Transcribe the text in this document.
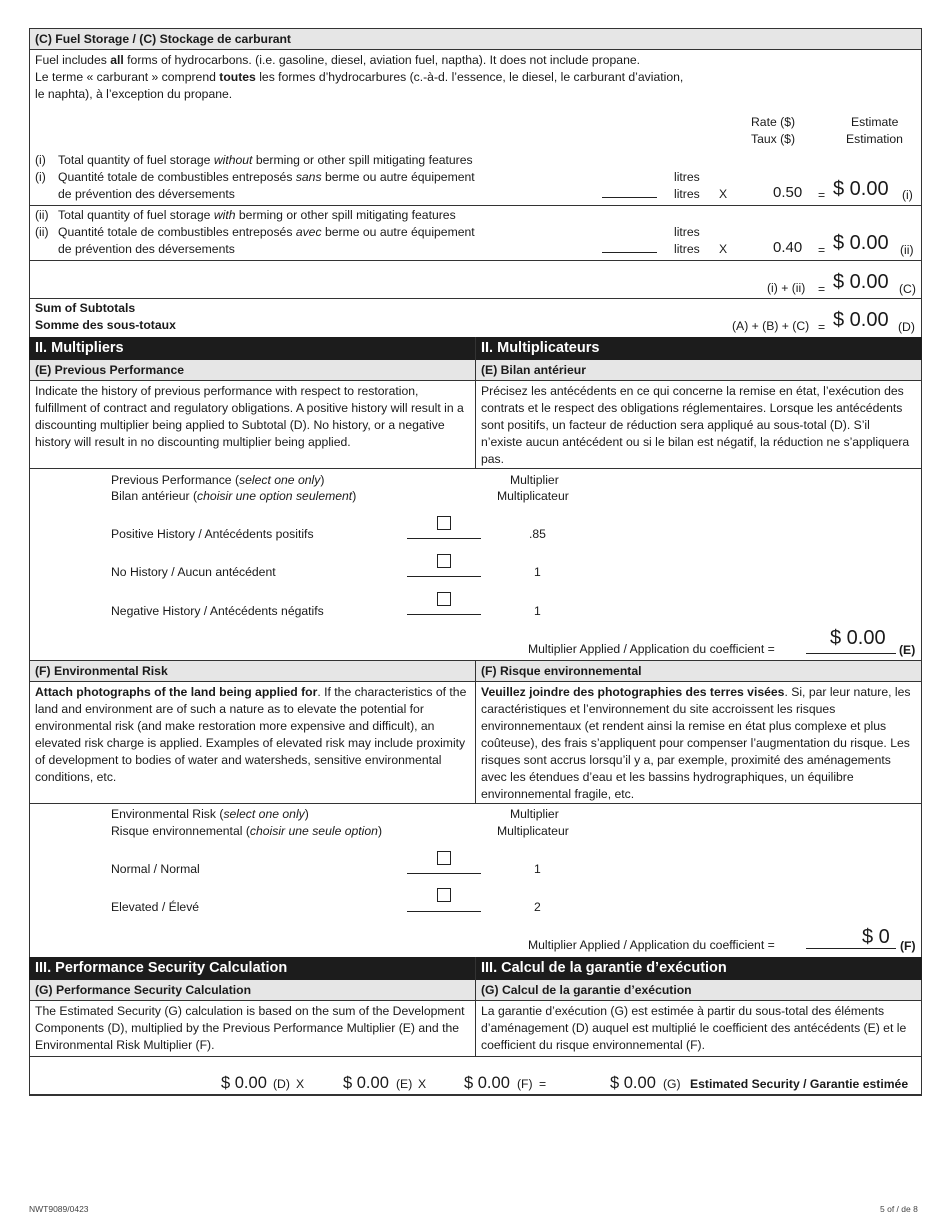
(C) Fuel Storage / (C) Stockage de carburant
Fuel includes all forms of hydrocarbons. (i.e. gasoline, diesel, aviation fuel, naptha). It does not include propane.
Le terme « carburant » comprend toutes les formes d’hydrocarbures (c.-à-d. l’essence, le diesel, le carburant d’aviation,
le naphta), à l’exception du propane.
Rate ($)
Taux ($)
Estimate
Estimation
(i) Total quantity of fuel storage without berming or other spill mitigating features
(i) Quantité totale de combustibles entreposés sans berme ou autre équipement
de prévention des déversements
litres
litres X	0.50 = $ 0.00 (i)
(ii) Total quantity of fuel storage with berming or other spill mitigating features
(ii) Quantité totale de combustibles entreposés avec berme ou autre équipement
de prévention des déversements
litres
litres X	0.40 = $ 0.00 (ii)
(i) + (ii) = $ 0.00 (C)
Sum of Subtotals
Somme des sous-totaux	(A) + (B) + (C) = $ 0.00 (D)
II. Multipliers	II. Multiplicateurs
(E) Previous Performance	(E) Bilan antérieur
Indicate the history of previous performance with respect to restoration, fulfillment of contract and regulatory obligations. A positive history will result in a discounting multiplier being applied to Subtotal (D). No history, or a negative history will result in no discounting multiplier being applied.
Précisez les antécédents en ce qui concerne la remise en état, l’exécution des contrats et le respect des obligations réglementaires. Lorsque les antécédents sont positifs, un facteur de réduction sera appliqué au sous-total (D). S’il n’existe aucun antécédent ou si le bilan est négatif, la réduction ne s’appliquera pas.
Previous Performance (select one only)
Bilan antérieur (choisir une option seulement)
Multiplier
Multiplicateur
Positive History / Antécédents positifs	.85
No History / Aucun antécédent	1
Negative History / Antécédents négatifs	1
Multiplier Applied / Application du coefficient =	$ 0.00
(E)
(F) Environmental Risk	(F) Risque environnemental
Attach photographs of the land being applied for. If the characteristics of the land and environment are of such a nature as to elevate the potential for environmental risk (and make restoration more expensive and difficult), an elevated risk charge is applied. Examples of elevated risk may include proximity of development to bodies of water and watersheds, sensitive environmental conditions, etc.
Veuillez joindre des photographies des terres visées. Si, par leur nature, les caractéristiques et l’environnement du site accroissent les risques environnementaux (et rendent ainsi la remise en état plus complexe et plus coûteuse), des frais s’appliquent pour compenser l’augmentation du risque. Les risques sont accrus lorsqu’il y a, par exemple, proximité des aménagements avec les étendues d’eau et les bassins hydrographiques, un équilibre environnemental fragile, etc.
Environmental Risk (select one only)
Risque environnemental (choisir une seule option)
Multiplier
Multiplicateur
Normal / Normal	1
Elevated / Élevé	2
Multiplier Applied / Application du coefficient =	$ 0 (F)
III. Performance Security Calculation	III. Calcul de la garantie d’exécution
(G) Performance Security Calculation	(G) Calcul de la garantie d’exécution
The Estimated Security (G) calculation is based on the sum of the Development Components (D), multiplied by the Previous Performance Multiplier (E) and the Environmental Risk Multiplier (F).
La garantie d’exécution (G) est estimée à partir du sous-total des éléments d’aménagement (D) auquel est multiplié le coefficient des antécédents (E) et le coefficient du risque environnemental (F).
$ 0.00 (D) X $ 0.00 (E) X $ 0.00 (F) =	$ 0.00 (G) Estimated Security / Garantie estimée
NWT9089/0423	5 of / de 8
